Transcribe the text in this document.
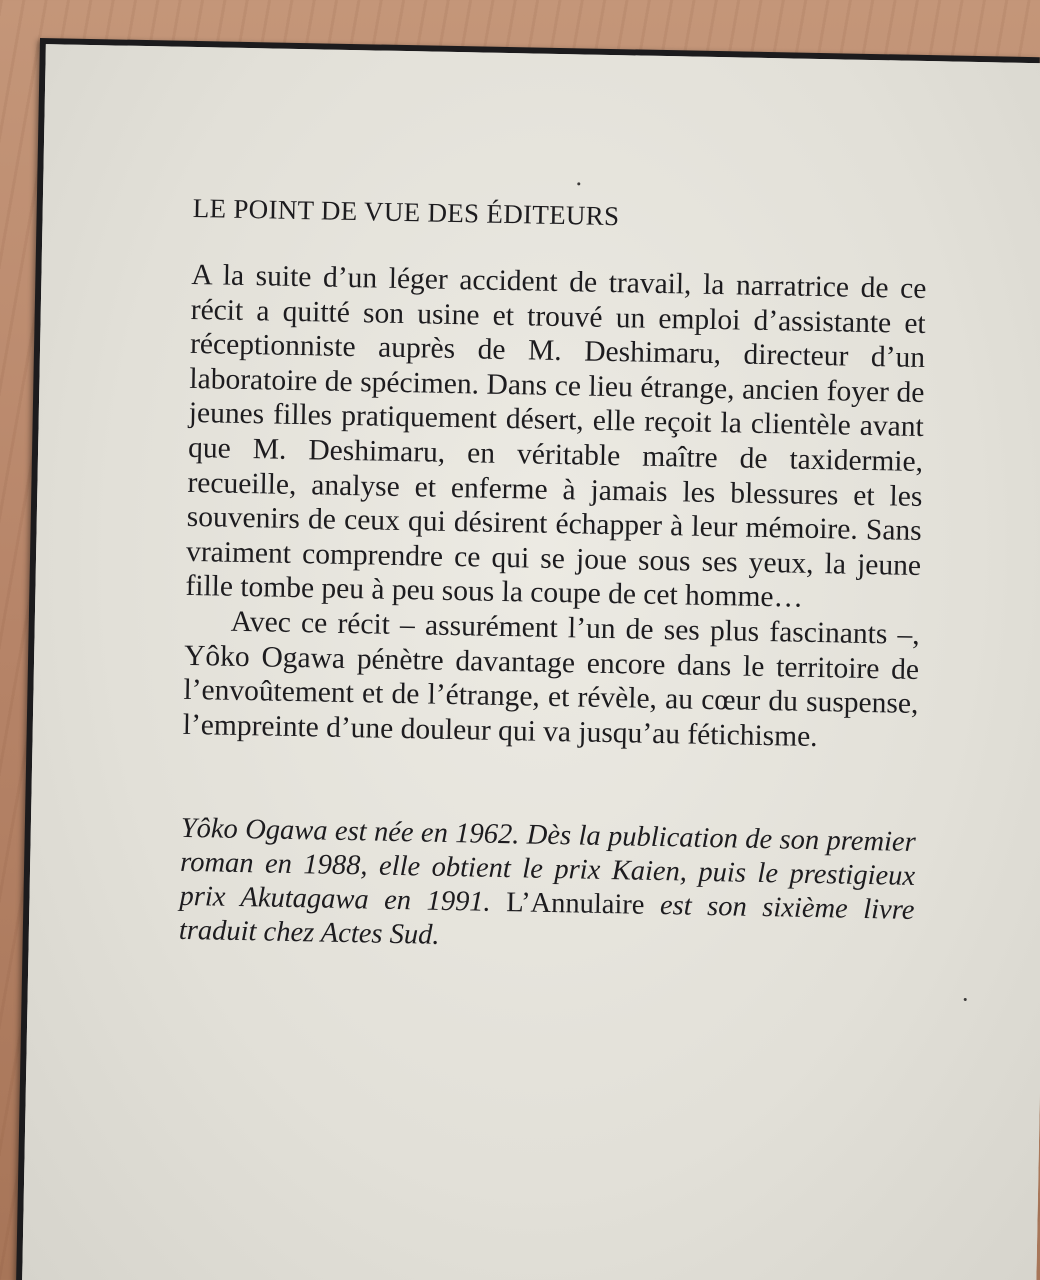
LE POINT DE VUE DES ÉDITEURS

A la suite d’un léger accident de travail, la narratrice de ce récit a quitté son usine et trouvé un emploi d’assistante et réceptionniste auprès de M. Deshimaru, directeur d’un laboratoire de spécimen. Dans ce lieu étrange, ancien foyer de jeunes filles pratiquement désert, elle reçoit la clientèle avant que M. Deshimaru, en véritable maître de taxidermie, recueille, analyse et enferme à jamais les blessures et les souvenirs de ceux qui désirent échapper à leur mémoire. Sans vraiment comprendre ce qui se joue sous ses yeux, la jeune fille tombe peu à peu sous la coupe de cet homme…

Avec ce récit – assurément l’un de ses plus fascinants –, Yôko Ogawa pénètre davantage encore dans le territoire de l’envoûtement et de l’étrange, et révèle, au cœur du suspense, l’empreinte d’une douleur qui va jusqu’au fétichisme.

Yôko Ogawa est née en 1962. Dès la publication de son premier roman en 1988, elle obtient le prix Kaien, puis le prestigieux prix Akutagawa en 1991. L’Annulaire est son sixième livre traduit chez Actes Sud.
